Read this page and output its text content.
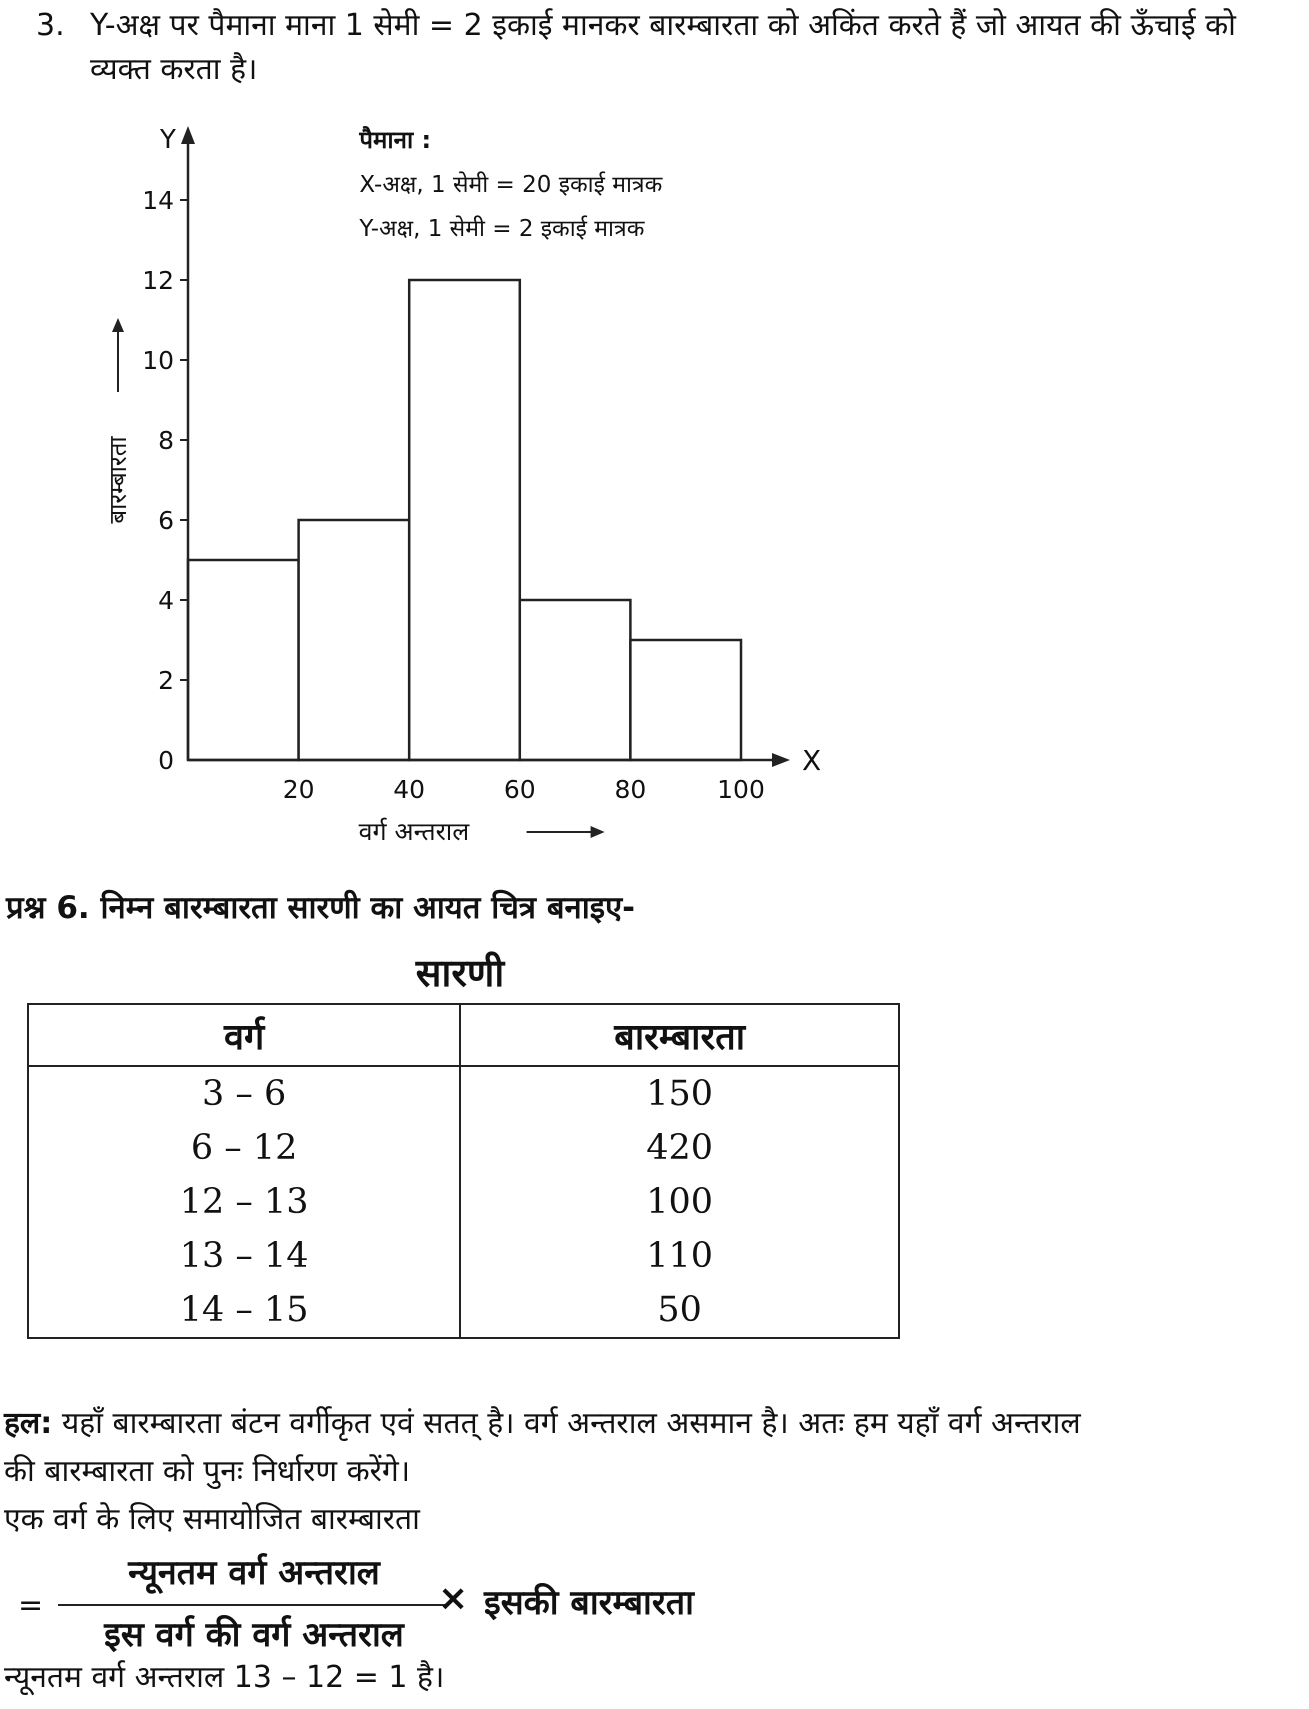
3. Y-अक्ष पर पैमाना माना 1 सेमी = 2 इकाई मानकर बारम्बारता को अकिंत करते हैं जो आयत की ऊँचाई को व्यक्त करता है।
Y
X
0
2
4
6
8
10
12
14
20	40	60	80	100
वर्ग अन्तराल
बारम्बारता
पैमाना :
X-अक्ष, 1 सेमी = 20 इकाई मात्रक
Y-अक्ष, 1 सेमी = 2 इकाई मात्रक
प्रश्न 6. निम्न बारम्बारता सारणी का आयत चित्र बनाइए-
सारणी
वर्ग	बारम्बारता
3 – 6	150
6 – 12	420
12 – 13	100
13 – 14	110
14 – 15	50
हल: यहाँ बारम्बारता बंटन वर्गीकृत एवं सतत् है। वर्ग अन्तराल असमान है। अतः हम यहाँ वर्ग अन्तराल
की बारम्बारता को पुनः निर्धारण करेंगे।
एक वर्ग के लिए समायोजित बारम्बारता
=
न्यूनतम वर्ग अन्तराल
इस वर्ग की वर्ग अन्तराल
× इसकी बारम्बारता
न्यूनतम वर्ग अन्तराल 13 – 12 = 1 है।
